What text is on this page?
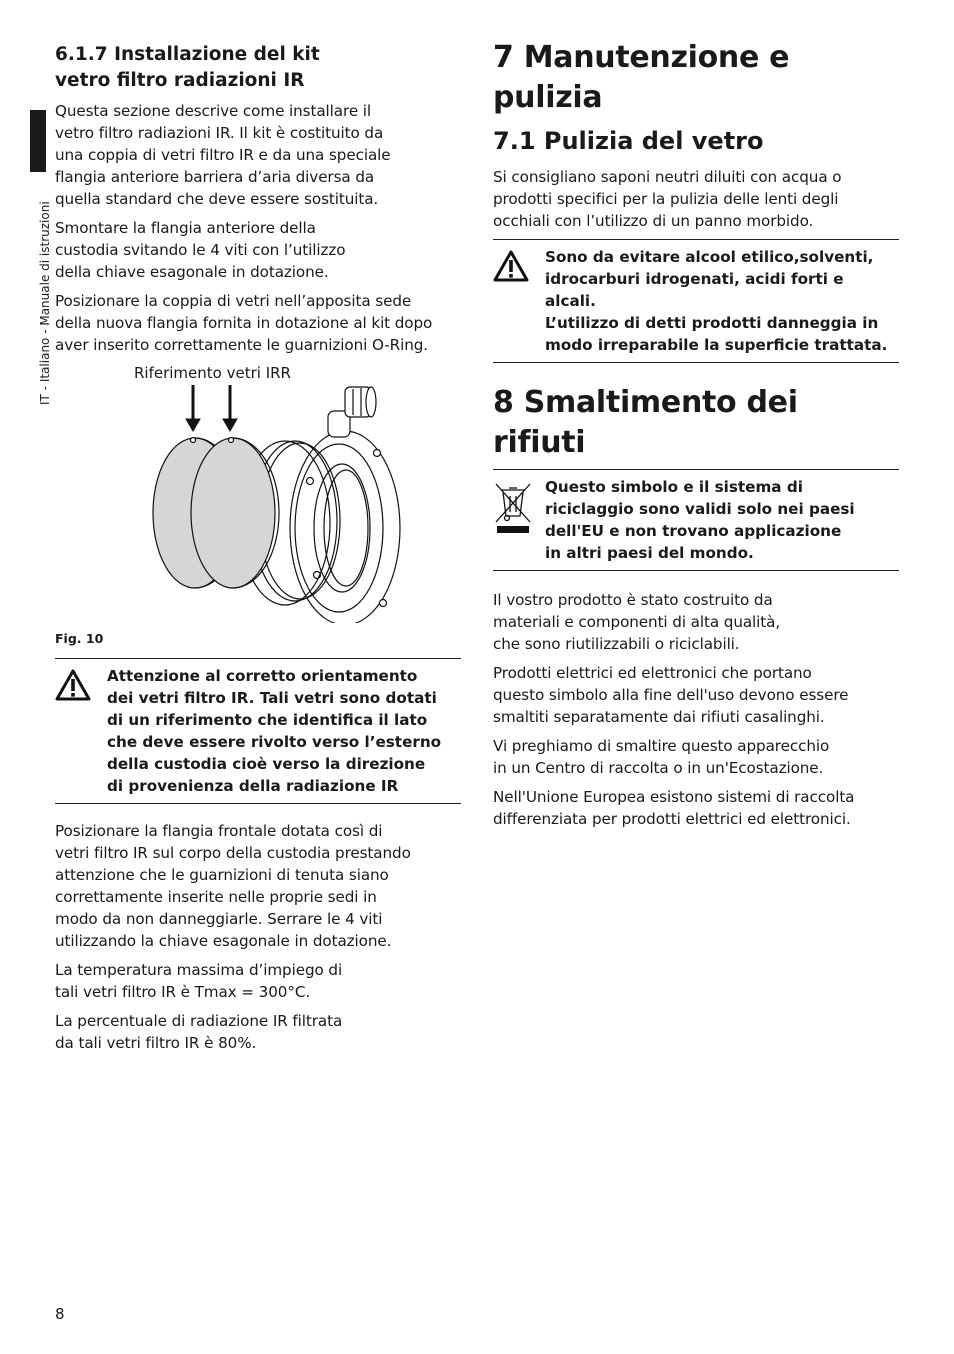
IT - Italiano - Manuale di istruzioni
6.1.7 Installazione del kit
vetro filtro radiazioni IR
Questa sezione descrive come installare il
vetro filtro radiazioni IR. Il kit è costituito da
una coppia di vetri filtro IR e da una speciale
flangia anteriore barriera d’aria diversa da
quella standard che deve essere sostituita.
Smontare la flangia anteriore della
custodia svitando le 4 viti con l’utilizzo
della chiave esagonale in dotazione.
Posizionare la coppia di vetri nell’apposita sede
della nuova flangia fornita in dotazione al kit dopo
aver inserito correttamente le guarnizioni O-Ring.
Riferimento vetri IRR
Fig. 10
Attenzione al corretto orientamento
dei vetri filtro IR. Tali vetri sono dotati
di un riferimento che identifica il lato
che deve essere rivolto verso l’esterno
della custodia cioè verso la direzione
di provenienza della radiazione IR
Posizionare la flangia frontale dotata così di
vetri filtro IR sul corpo della custodia prestando
attenzione che le guarnizioni di tenuta siano
correttamente inserite nelle proprie sedi in
modo da non danneggiarle. Serrare le 4 viti
utilizzando la chiave esagonale in dotazione.
La temperatura massima d’impiego di
tali vetri filtro IR è Tmax = 300°C.
La percentuale di radiazione IR filtrata
da tali vetri filtro IR è 80%.
7 Manutenzione e pulizia
7.1 Pulizia del vetro
Si consigliano saponi neutri diluiti con acqua o
prodotti specifici per la pulizia delle lenti degli
occhiali con l’utilizzo di un panno morbido.
Sono da evitare alcool etilico,solventi,
idrocarburi idrogenati, acidi forti e alcali.
L’utilizzo di detti prodotti danneggia in
modo irreparabile la superficie trattata.
8 Smaltimento dei rifiuti
Questo simbolo e il sistema di
riciclaggio sono validi solo nei paesi
dell'EU e non trovano applicazione
in altri paesi del mondo.
Il vostro prodotto è stato costruito da
materiali e componenti di alta qualità,
che sono riutilizzabili o riciclabili.
Prodotti elettrici ed elettronici che portano
questo simbolo alla fine dell'uso devono essere
smaltiti separatamente dai rifiuti casalinghi.
Vi preghiamo di smaltire questo apparecchio
in un Centro di raccolta o in un'Ecostazione.
Nell'Unione Europea esistono sistemi di raccolta
differenziata per prodotti elettrici ed elettronici.
8
